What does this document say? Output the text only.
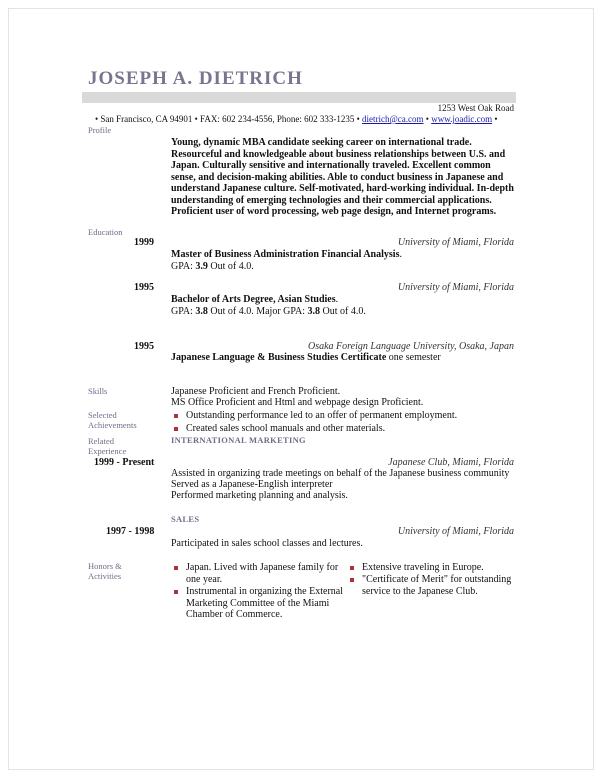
JOSEPH A. DIETRICH
1253 West Oak Road
• San Francisco, CA 94901 • FAX: 602 234-4556, Phone: 602 333-1235 • dietrich@ca.com • www.joadic.com •
Profile
Young, dynamic MBA candidate seeking career on international trade. Resourceful and knowledgeable about business relationships between U.S. and Japan. Culturally sensitive and internationally traveled. Excellent common sense, and decision-making abilities. Able to conduct business in Japanese and understand Japanese culture. Self-motivated, hard-working individual. In-depth understanding of emerging technologies and their commercial applications. Proficient user of word processing, web page design, and Internet programs.
Education
1999	University of Miami, Florida
Master of Business Administration Financial Analysis.
GPA: 3.9 Out of 4.0.
1995	University of Miami, Florida
Bachelor of Arts Degree, Asian Studies.
GPA: 3.8 Out of 4.0. Major GPA: 3.8 Out of 4.0.
1995	Osaka Foreign Language University, Osaka, Japan
Japanese Language & Business Studies Certificate one semester
Skills	Japanese Proficient and French Proficient.
MS Office Proficient and Html and webpage design Proficient.
Selected Achievements
Outstanding performance led to an offer of permanent employment.
Created sales school manuals and other materials.
Related Experience
INTERNATIONAL MARKETING
1999 - Present	Japanese Club, Miami, Florida
Assisted in organizing trade meetings on behalf of the Japanese business community
Served as a Japanese-English interpreter
Performed marketing planning and analysis.
SALES
1997 - 1998	University of Miami, Florida
Participated in sales school classes and lectures.
Honors & Activities
Japan. Lived with Japanese family for one year.
Instrumental in organizing the External Marketing Committee of the Miami Chamber of Commerce.
Extensive traveling in Europe.
"Certificate of Merit" for outstanding service to the Japanese Club.
